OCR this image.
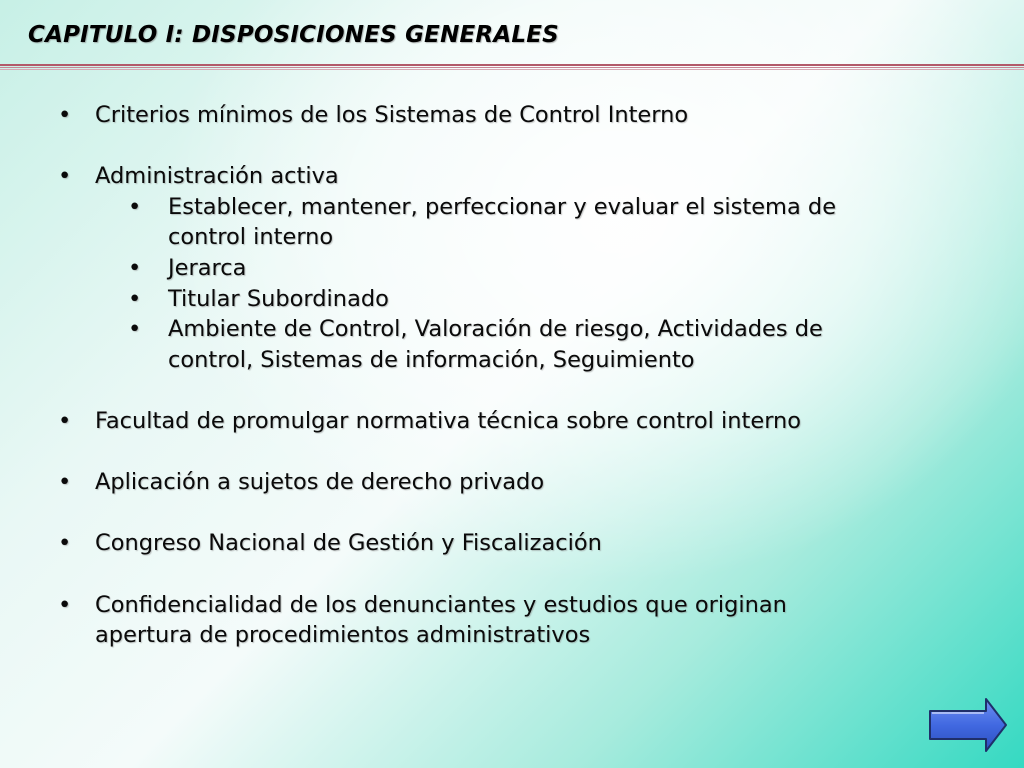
CAPITULO I: DISPOSICIONES GENERALES
• Criterios mínimos de los Sistemas de Control Interno
• Administración activa
• Establecer, mantener, perfeccionar y evaluar el sistema de
control interno
• Jerarca
• Titular Subordinado
• Ambiente de Control, Valoración de riesgo, Actividades de
control, Sistemas de información, Seguimiento
• Facultad de promulgar normativa técnica sobre control interno
• Aplicación a sujetos de derecho privado
• Congreso Nacional de Gestión y Fiscalización
• Confidencialidad de los denunciantes y estudios que originan
apertura de procedimientos administrativos
